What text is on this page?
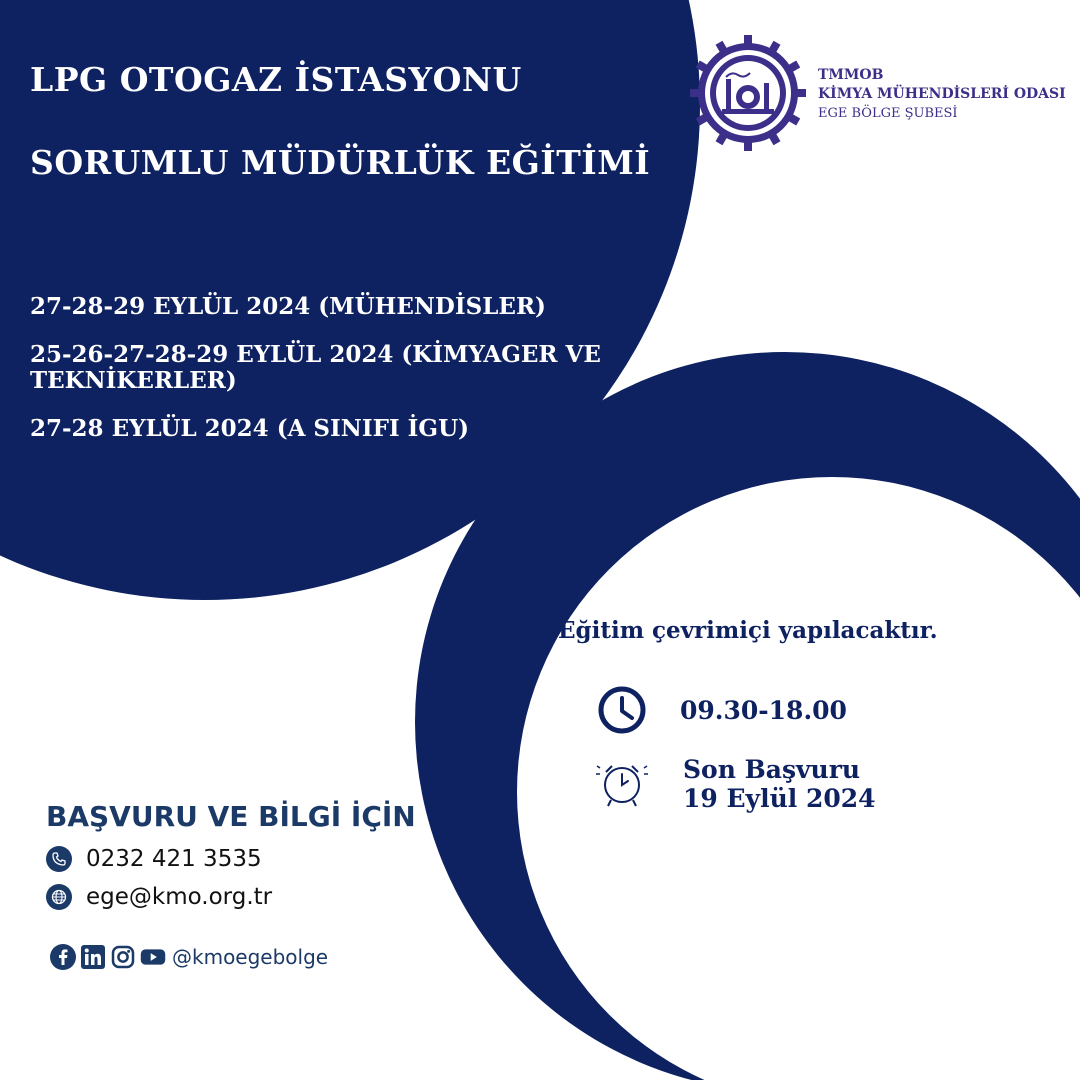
LPG OTOGAZ İSTASYONU
SORUMLU MÜDÜRLÜK EĞİTİMİ

27-28-29 EYLÜL 2024 (MÜHENDİSLER)

25-26-27-28-29 EYLÜL 2024 (KİMYAGER VE TEKNİKERLER)

27-28 EYLÜL 2024 (A SINIFI İGU)

TMMOB
KİMYA MÜHENDİSLERİ ODASI
EGE BÖLGE ŞUBESİ
Eğitim çevrimiçi yapılacaktır.
09.30-18.00
Son Başvuru
19 Eylül 2024
BAŞVURU VE BİLGİ İÇİN
0232 421 3535
ege@kmo.org.tr
@kmoegebolge
